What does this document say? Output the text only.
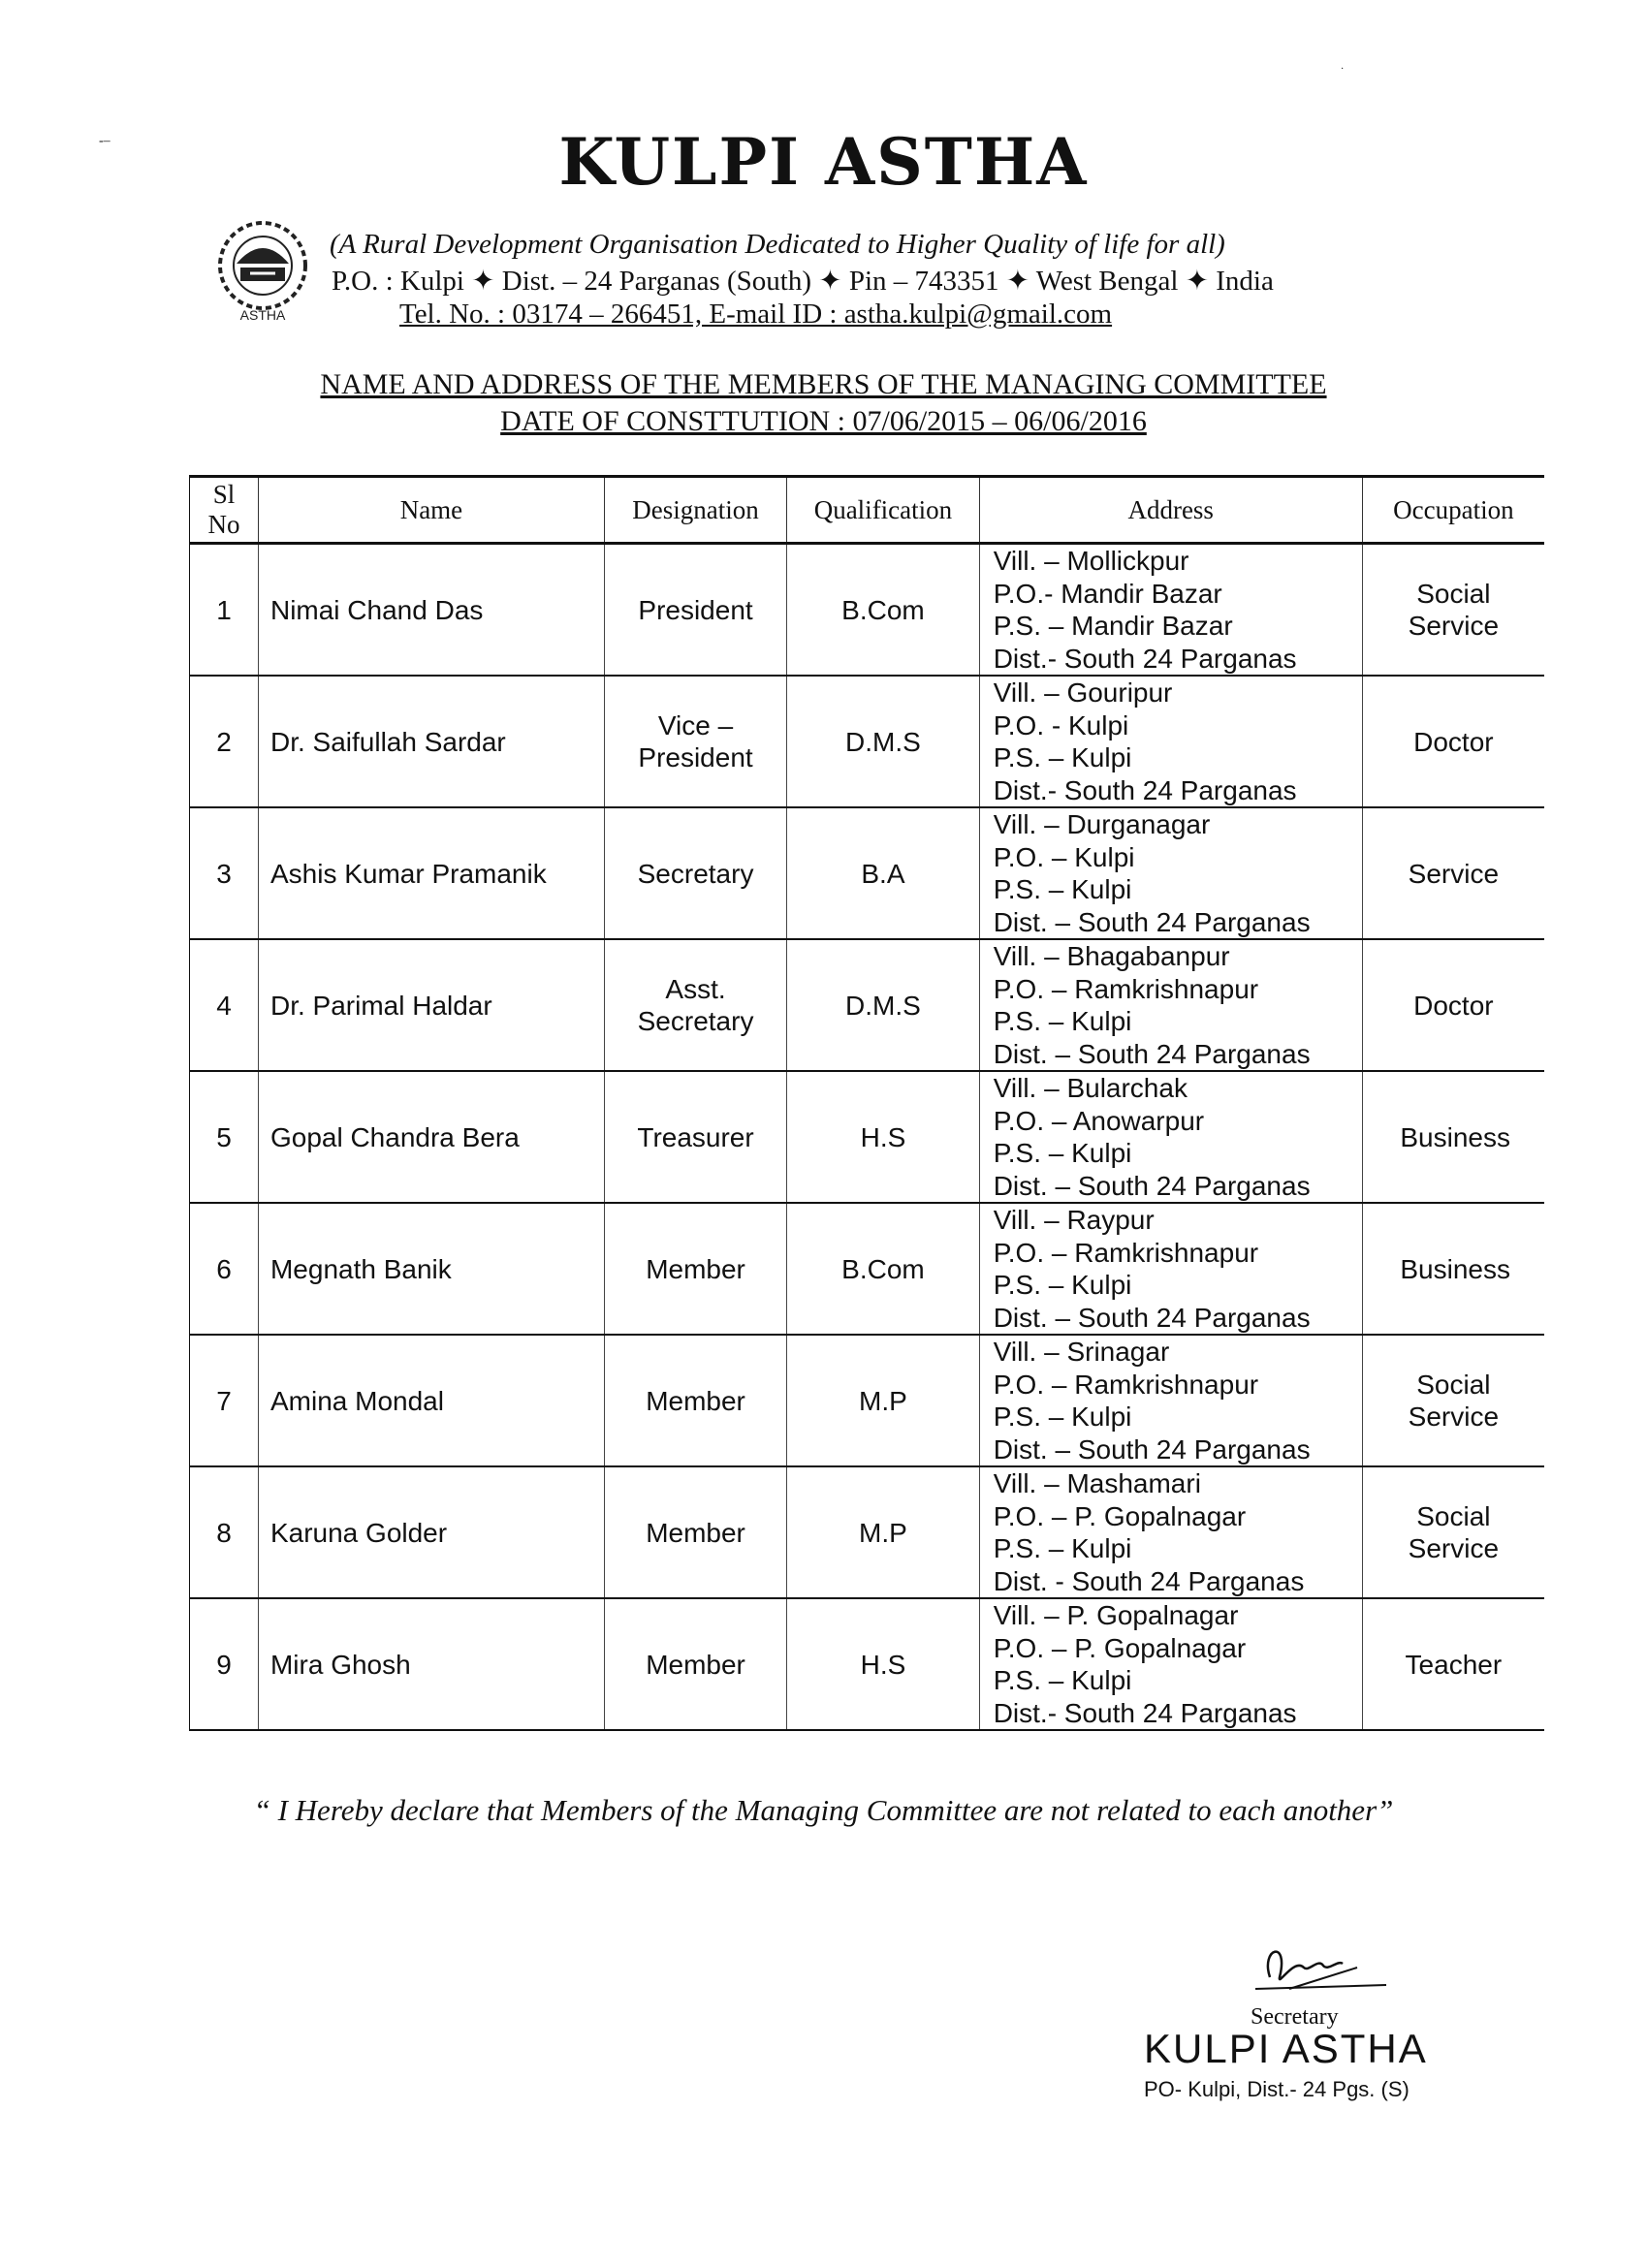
-–
·
KULPI ASTHA
ASTHA
(A Rural Development Organisation Dedicated to Higher Quality of life for all)
P.O. : Kulpi ✦ Dist. – 24 Parganas (South) ✦ Pin – 743351 ✦ West Bengal ✦ India
Tel. No. : 03174 – 266451, E-mail ID : astha.kulpi@gmail.com
NAME AND ADDRESS OF THE MEMBERS OF THE MANAGING COMMITTEE
DATE OF CONSTTUTION : 07/06/2015 – 06/06/2016
Sl
No	Name	Designation	Qualification	Address	Occupation
1	Nimai Chand Das	President	B.Com	Vill. – Mollickpur
P.O.- Mandir Bazar
P.S. – Mandir Bazar
Dist.- South 24 Parganas	Social Service
2	Dr. Saifullah Sardar	Vice – President	D.M.S	Vill. – Gouripur
P.O. - Kulpi
P.S. – Kulpi
Dist.- South 24 Parganas	Doctor
3	Ashis Kumar Pramanik	Secretary	B.A	Vill. – Durganagar
P.O. – Kulpi
P.S. – Kulpi
Dist. – South 24 Parganas	Service
4	Dr. Parimal Haldar	Asst. Secretary	D.M.S	Vill. – Bhagabanpur
P.O. – Ramkrishnapur
P.S. – Kulpi
Dist. – South 24 Parganas	Doctor
5	Gopal Chandra Bera	Treasurer	H.S	Vill. – Bularchak
P.O. – Anowarpur
P.S. – Kulpi
Dist. – South 24 Parganas	Business
6	Megnath Banik	Member	B.Com	Vill. – Raypur
P.O. – Ramkrishnapur
P.S. – Kulpi
Dist. – South 24 Parganas	Business
7	Amina Mondal	Member	M.P	Vill. – Srinagar
P.O. – Ramkrishnapur
P.S. – Kulpi
Dist. – South 24 Parganas	Social Service
8	Karuna Golder	Member	M.P	Vill. – Mashamari
P.O. – P. Gopalnagar
P.S. – Kulpi
Dist. - South 24 Parganas	Social Service
9	Mira Ghosh	Member	H.S	Vill. – P. Gopalnagar
P.O. – P. Gopalnagar
P.S. – Kulpi
Dist.- South 24 Parganas	Teacher
“ I Hereby declare that Members of the Managing Committee are not related to each another”
Secretary
KULPI ASTHA
PO- Kulpi, Dist.- 24 Pgs. (S)
